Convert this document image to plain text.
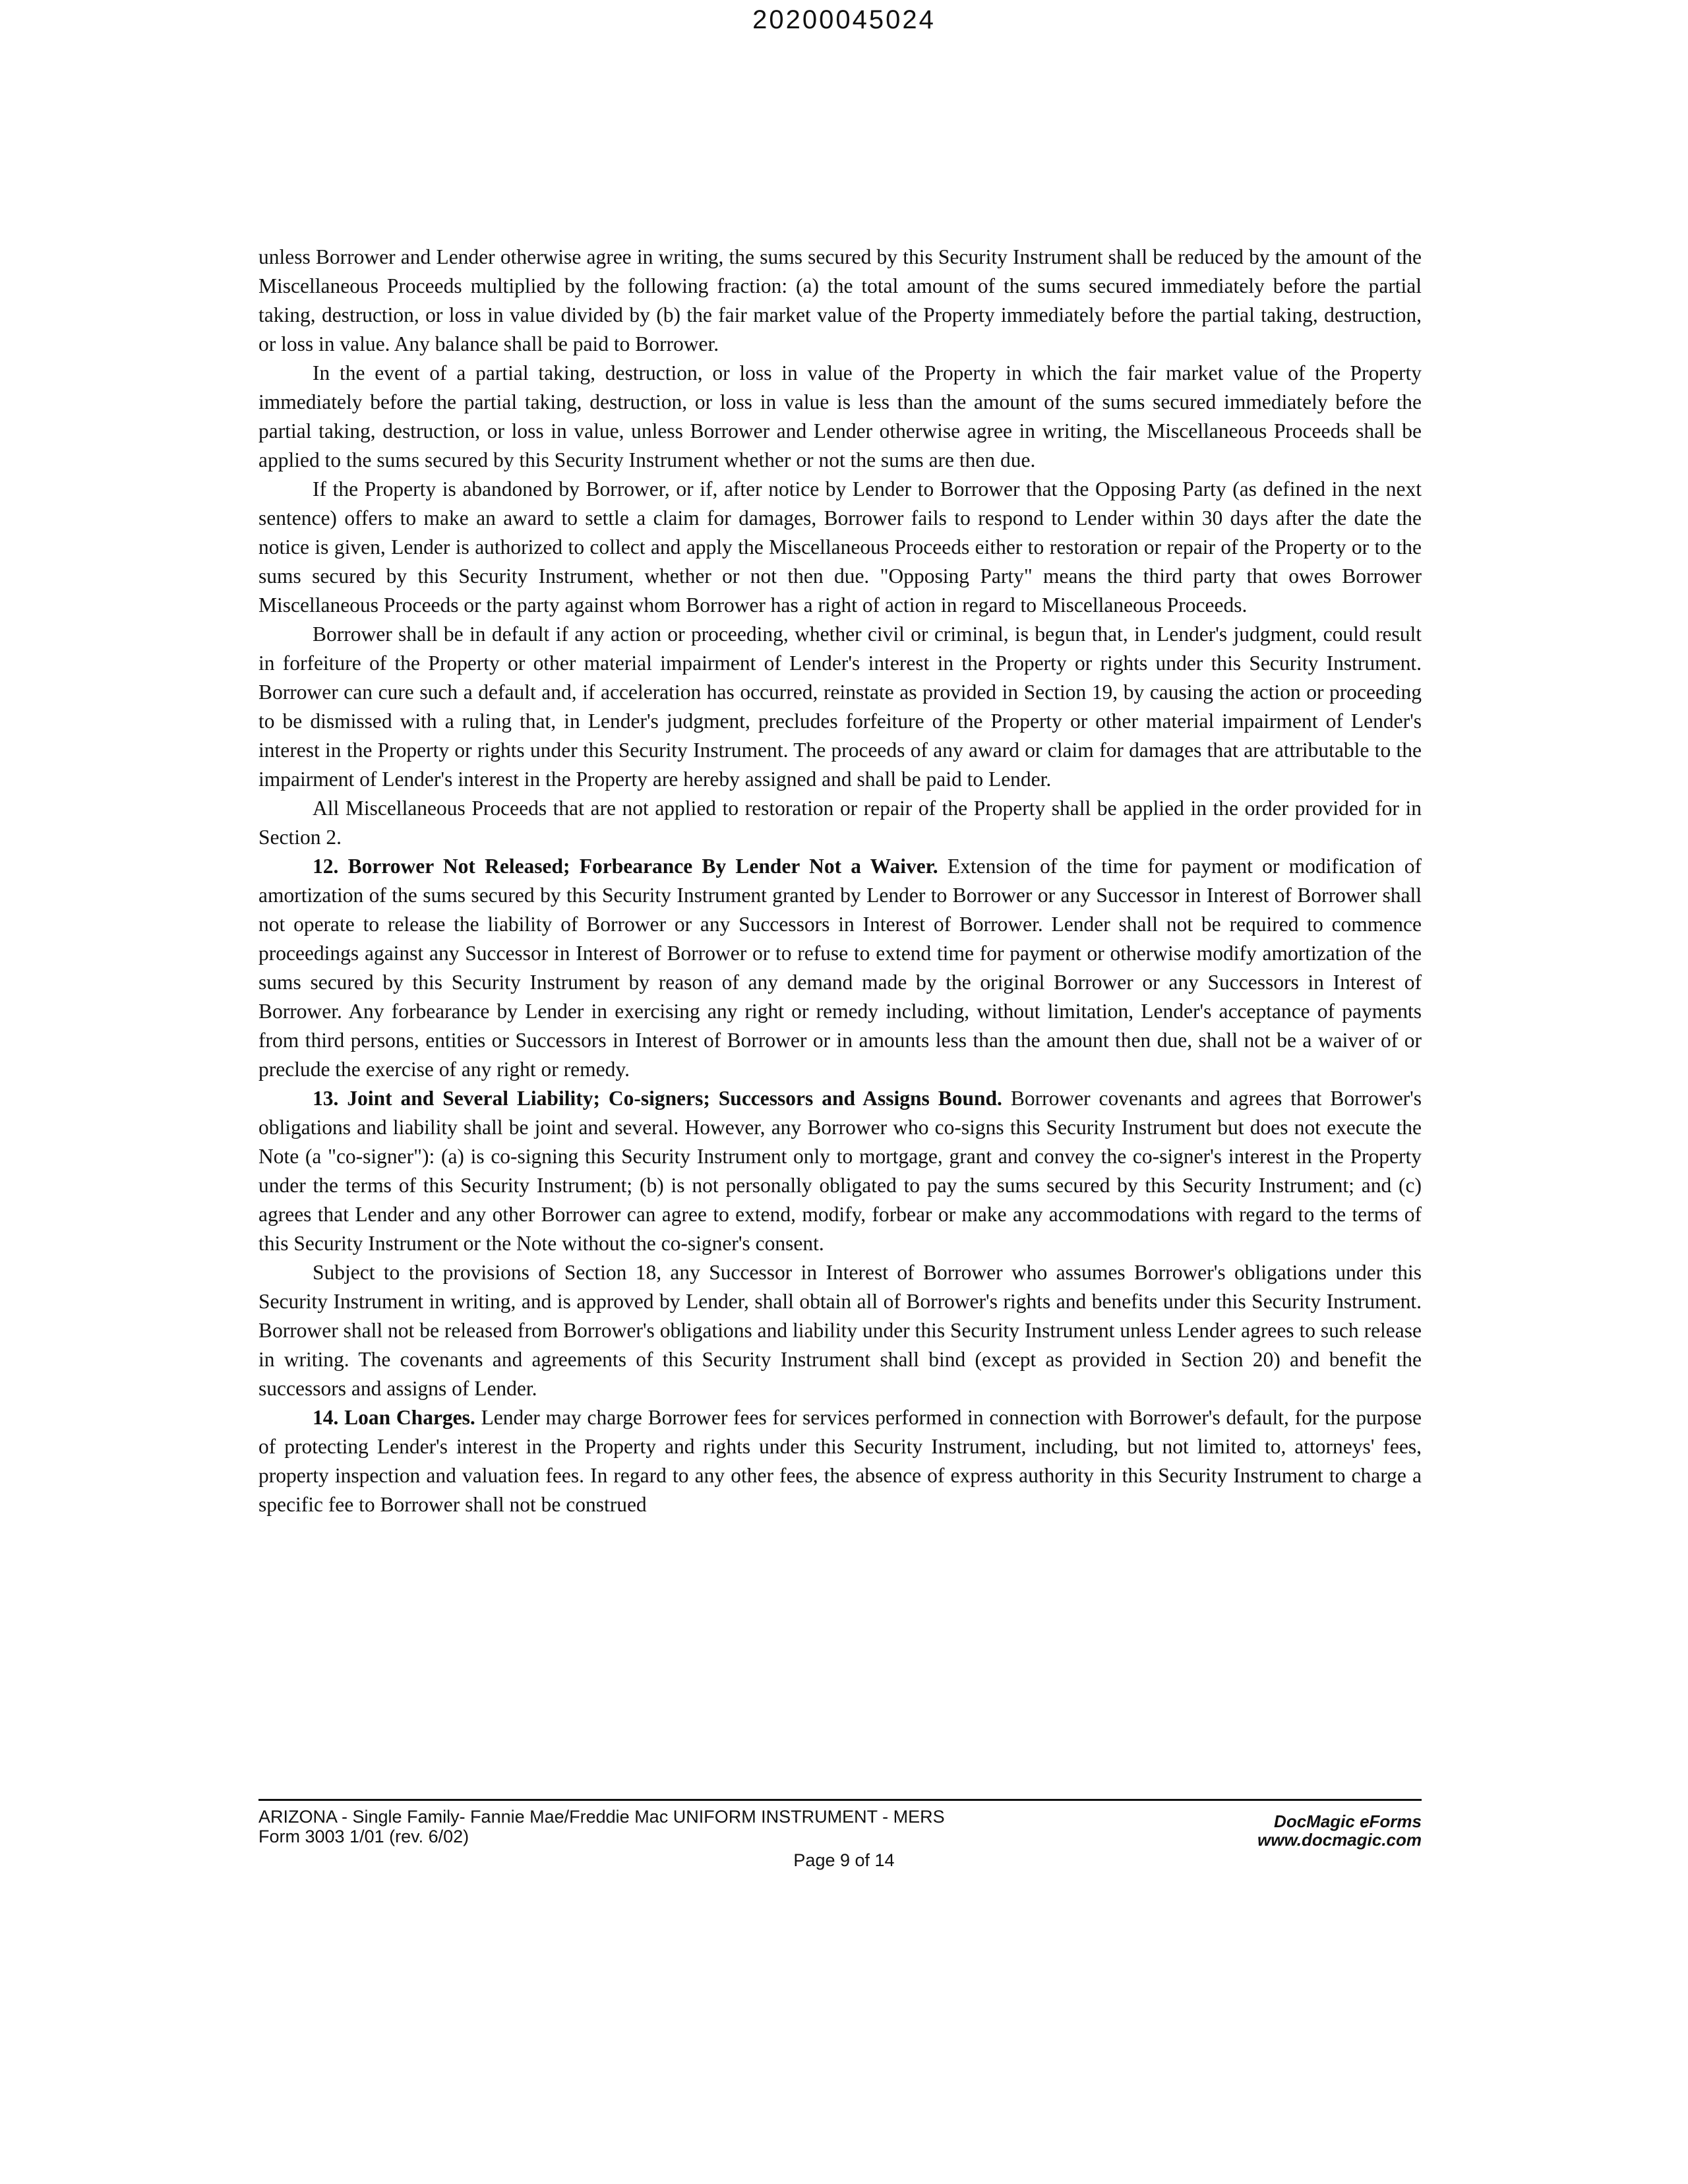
20200045024

unless Borrower and Lender otherwise agree in writing, the sums secured by this Security Instrument shall be reduced by the amount of the Miscellaneous Proceeds multiplied by the following fraction: (a) the total amount of the sums secured immediately before the partial taking, destruction, or loss in value divided by (b) the fair market value of the Property immediately before the partial taking, destruction, or loss in value. Any balance shall be paid to Borrower.

In the event of a partial taking, destruction, or loss in value of the Property in which the fair market value of the Property immediately before the partial taking, destruction, or loss in value is less than the amount of the sums secured immediately before the partial taking, destruction, or loss in value, unless Borrower and Lender otherwise agree in writing, the Miscellaneous Proceeds shall be applied to the sums secured by this Security Instrument whether or not the sums are then due.

If the Property is abandoned by Borrower, or if, after notice by Lender to Borrower that the Opposing Party (as defined in the next sentence) offers to make an award to settle a claim for damages, Borrower fails to respond to Lender within 30 days after the date the notice is given, Lender is authorized to collect and apply the Miscellaneous Proceeds either to restoration or repair of the Property or to the sums secured by this Security Instrument, whether or not then due. "Opposing Party" means the third party that owes Borrower Miscellaneous Proceeds or the party against whom Borrower has a right of action in regard to Miscellaneous Proceeds.

Borrower shall be in default if any action or proceeding, whether civil or criminal, is begun that, in Lender's judgment, could result in forfeiture of the Property or other material impairment of Lender's interest in the Property or rights under this Security Instrument. Borrower can cure such a default and, if acceleration has occurred, reinstate as provided in Section 19, by causing the action or proceeding to be dismissed with a ruling that, in Lender's judgment, precludes forfeiture of the Property or other material impairment of Lender's interest in the Property or rights under this Security Instrument. The proceeds of any award or claim for damages that are attributable to the impairment of Lender's interest in the Property are hereby assigned and shall be paid to Lender.

All Miscellaneous Proceeds that are not applied to restoration or repair of the Property shall be applied in the order provided for in Section 2.

12. Borrower Not Released; Forbearance By Lender Not a Waiver. Extension of the time for payment or modification of amortization of the sums secured by this Security Instrument granted by Lender to Borrower or any Successor in Interest of Borrower shall not operate to release the liability of Borrower or any Successors in Interest of Borrower. Lender shall not be required to commence proceedings against any Successor in Interest of Borrower or to refuse to extend time for payment or otherwise modify amortization of the sums secured by this Security Instrument by reason of any demand made by the original Borrower or any Successors in Interest of Borrower. Any forbearance by Lender in exercising any right or remedy including, without limitation, Lender's acceptance of payments from third persons, entities or Successors in Interest of Borrower or in amounts less than the amount then due, shall not be a waiver of or preclude the exercise of any right or remedy.

13. Joint and Several Liability; Co-signers; Successors and Assigns Bound. Borrower covenants and agrees that Borrower's obligations and liability shall be joint and several. However, any Borrower who co-signs this Security Instrument but does not execute the Note (a "co-signer"): (a) is co-signing this Security Instrument only to mortgage, grant and convey the co-signer's interest in the Property under the terms of this Security Instrument; (b) is not personally obligated to pay the sums secured by this Security Instrument; and (c) agrees that Lender and any other Borrower can agree to extend, modify, forbear or make any accommodations with regard to the terms of this Security Instrument or the Note without the co-signer's consent.

Subject to the provisions of Section 18, any Successor in Interest of Borrower who assumes Borrower's obligations under this Security Instrument in writing, and is approved by Lender, shall obtain all of Borrower's rights and benefits under this Security Instrument. Borrower shall not be released from Borrower's obligations and liability under this Security Instrument unless Lender agrees to such release in writing. The covenants and agreements of this Security Instrument shall bind (except as provided in Section 20) and benefit the successors and assigns of Lender.

14. Loan Charges. Lender may charge Borrower fees for services performed in connection with Borrower's default, for the purpose of protecting Lender's interest in the Property and rights under this Security Instrument, including, but not limited to, attorneys' fees, property inspection and valuation fees. In regard to any other fees, the absence of express authority in this Security Instrument to charge a specific fee to Borrower shall not be construed

ARIZONA - Single Family- Fannie Mae/Freddie Mac UNIFORM INSTRUMENT - MERS
Form 3003 1/01 (rev. 6/02)
DocMagic eForms
www.docmagic.com
Page 9 of 14
